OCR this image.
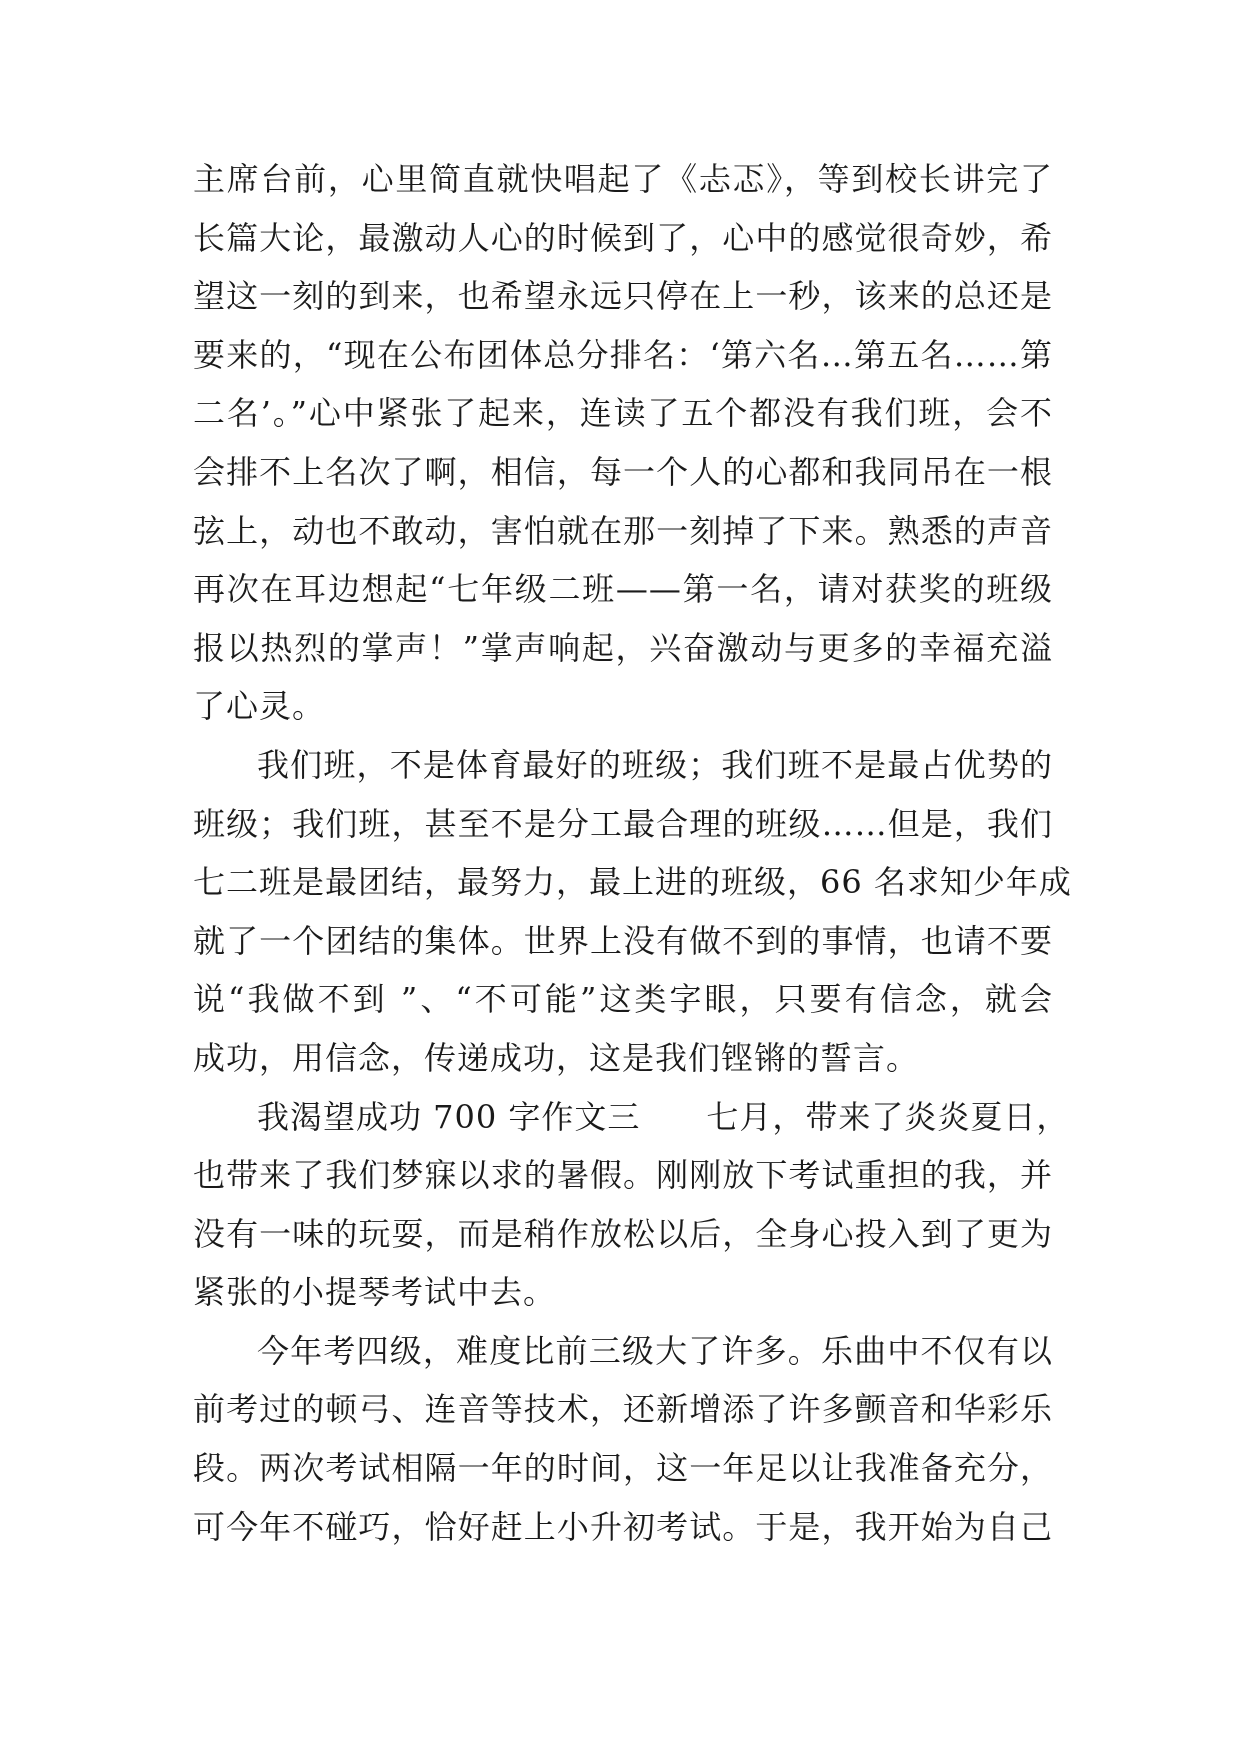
主席台前，心里简直就快唱起了《忐忑》，等到校长讲完了
长篇大论，最激动人心的时候到了，心中的感觉很奇妙，希
望这一刻的到来，也希望永远只停在上一秒，该来的总还是
要来的，“现在公布团体总分排名：‘第六名…第五名……第
二名’。”心中紧张了起来，连读了五个都没有我们班，会不
会排不上名次了啊，相信，每一个人的心都和我同吊在一根
弦上，动也不敢动，害怕就在那一刻掉了下来。熟悉的声音
再次在耳边想起“七年级二班——第一名，请对获奖的班级
报以热烈的掌声！”掌声响起，兴奋激动与更多的幸福充溢
了心灵。
我们班，不是体育最好的班级；我们班不是最占优势的
班级；我们班，甚至不是分工最合理的班级……但是，我们
七二班是最团结，最努力，最上进的班级，66 名求知少年成
就了一个团结的集体。世界上没有做不到的事情，也请不要
说“我做不到 ”、“不可能”这类字眼，只要有信念，就会
成功，用信念，传递成功，这是我们铿锵的誓言。
我渴望成功 700 字作文三　　七月，带来了炎炎夏日，
也带来了我们梦寐以求的暑假。刚刚放下考试重担的我，并
没有一味的玩耍，而是稍作放松以后，全身心投入到了更为
紧张的小提琴考试中去。
今年考四级，难度比前三级大了许多。乐曲中不仅有以
前考过的顿弓、连音等技术，还新增添了许多颤音和华彩乐
段。两次考试相隔一年的时间，这一年足以让我准备充分，
可今年不碰巧，恰好赶上小升初考试。于是，我开始为自己
